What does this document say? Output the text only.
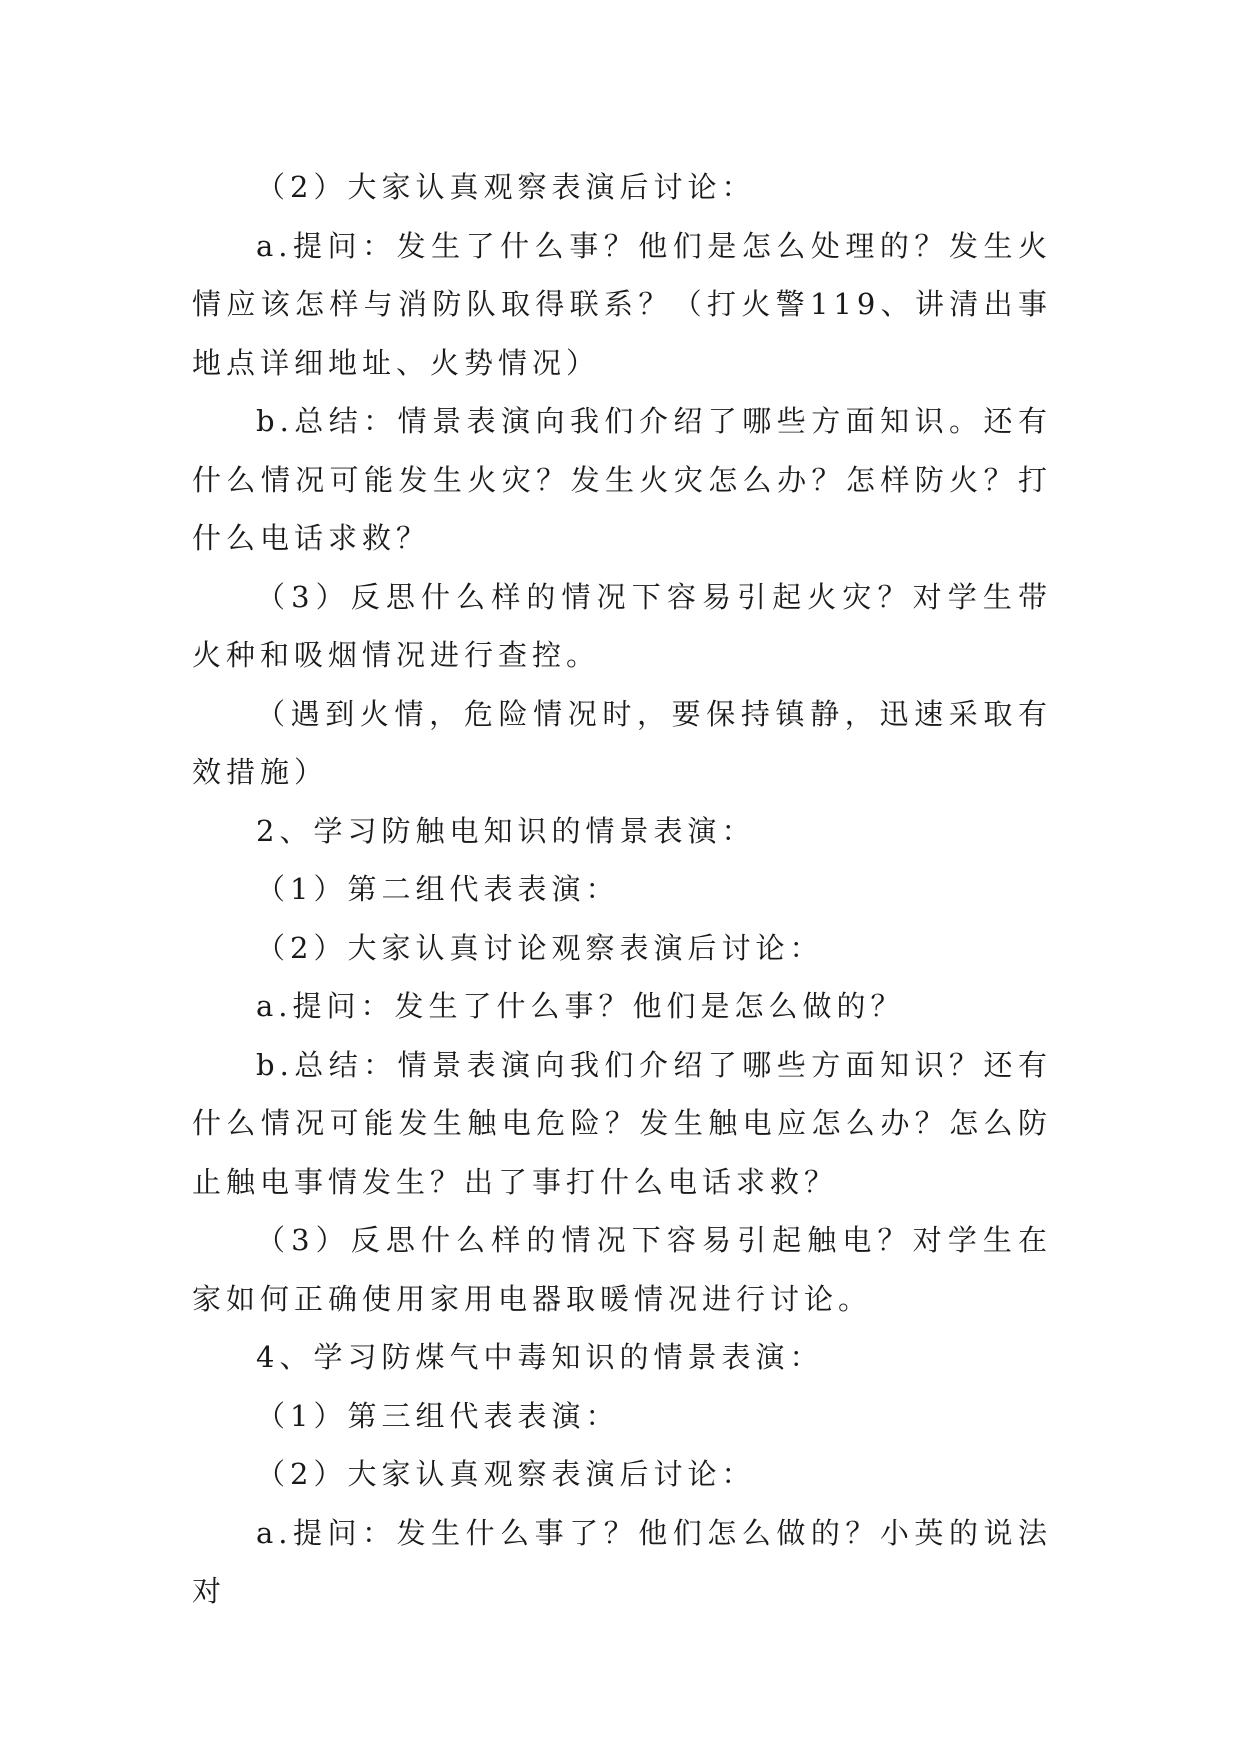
（2）大家认真观察表演后讨论：

a.提问：发生了什么事？他们是怎么处理的？发生火情应该怎样与消防队取得联系？（打火警119、讲清出事地点详细地址、火势情况）

b.总结：情景表演向我们介绍了哪些方面知识。还有什么情况可能发生火灾？发生火灾怎么办？怎样防火？打什么电话求救？

（3）反思什么样的情况下容易引起火灾？对学生带火种和吸烟情况进行查控。

（遇到火情，危险情况时，要保持镇静，迅速采取有效措施）

2、学习防触电知识的情景表演：

（1）第二组代表表演：

（2）大家认真讨论观察表演后讨论：

a.提问：发生了什么事？他们是怎么做的？

b.总结：情景表演向我们介绍了哪些方面知识？还有什么情况可能发生触电危险？发生触电应怎么办？怎么防止触电事情发生？出了事打什么电话求救？

（3）反思什么样的情况下容易引起触电？对学生在家如何正确使用家用电器取暖情况进行讨论。

4、学习防煤气中毒知识的情景表演：

（1）第三组代表表演：

（2）大家认真观察表演后讨论：

a.提问：发生什么事了？他们怎么做的？小英的说法对
